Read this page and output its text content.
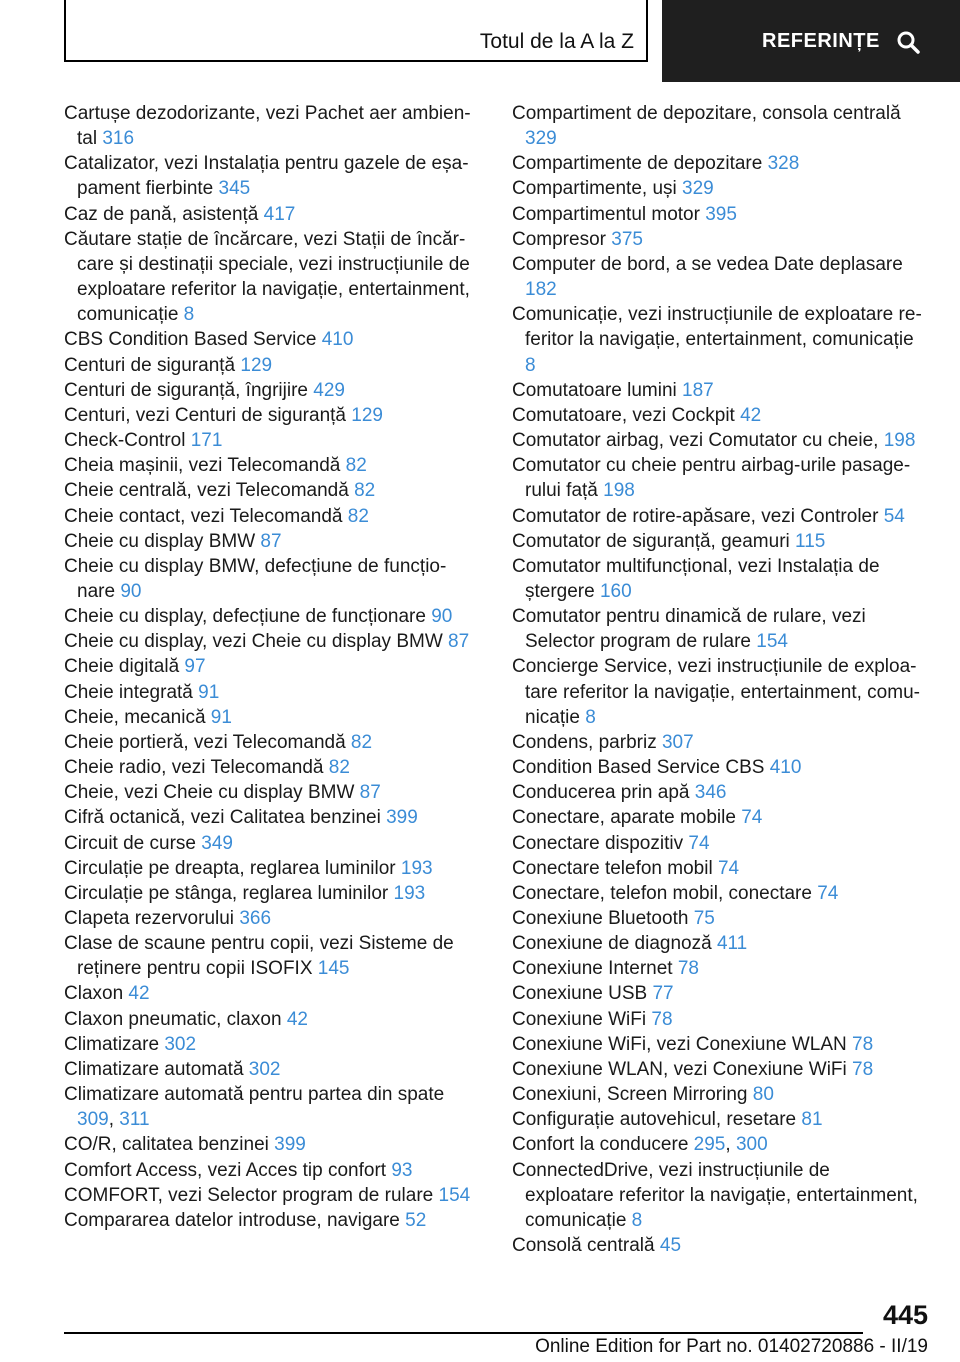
Totul de la A la Z	REFERINȚE
Cartușe dezodorizante, vezi Pachet aer ambiental 316
Catalizator, vezi Instalația pentru gazele de eșapament fierbinte 345
Caz de pană, asistență 417
Căutare stație de încărcare, vezi Stații de încărcare și destinații speciale, vezi instrucțiunile de exploatare referitor la navigație, entertainment, comunicație 8
CBS Condition Based Service 410
Centuri de siguranță 129
Centuri de siguranță, îngrijire 429
Centuri, vezi Centuri de siguranță 129
Check-Control 171
Cheia mașinii, vezi Telecomandă 82
Cheie centrală, vezi Telecomandă 82
Cheie contact, vezi Telecomandă 82
Cheie cu display BMW 87
Cheie cu display BMW, defecțiune de funcționare 90
Cheie cu display, defecțiune de funcționare 90
Cheie cu display, vezi Cheie cu display BMW 87
Cheie digitală 97
Cheie integrată 91
Cheie, mecanică 91
Cheie portieră, vezi Telecomandă 82
Cheie radio, vezi Telecomandă 82
Cheie, vezi Cheie cu display BMW 87
Cifră octanică, vezi Calitatea benzinei 399
Circuit de curse 349
Circulație pe dreapta, reglarea luminilor 193
Circulație pe stânga, reglarea luminilor 193
Clapeta rezervorului 366
Clase de scaune pentru copii, vezi Sisteme de reținere pentru copii ISOFIX 145
Claxon 42
Claxon pneumatic, claxon 42
Climatizare 302
Climatizare automată 302
Climatizare automată pentru partea din spate 309, 311
CO/R, calitatea benzinei 399
Comfort Access, vezi Acces tip confort 93
COMFORT, vezi Selector program de rulare 154
Compararea datelor introduse, navigare 52
Compartiment de depozitare, consola centrală 329
Compartimente de depozitare 328
Compartimente, uși 329
Compartimentul motor 395
Compresor 375
Computer de bord, a se vedea Date deplasare 182
Comunicație, vezi instrucțiunile de exploatare referitor la navigație, entertainment, comunicație 8
Comutatoare lumini 187
Comutatoare, vezi Cockpit 42
Comutator airbag, vezi Comutator cu cheie, 198
Comutator cu cheie pentru airbag-urile pasagerului față 198
Comutator de rotire-apăsare, vezi Controler 54
Comutator de siguranță, geamuri 115
Comutator multifuncțional, vezi Instalația de ștergere 160
Comutator pentru dinamică de rulare, vezi Selector program de rulare 154
Concierge Service, vezi instrucțiunile de exploatare referitor la navigație, entertainment, comunicație 8
Condens, parbriz 307
Condition Based Service CBS 410
Conducerea prin apă 346
Conectare, aparate mobile 74
Conectare dispozitiv 74
Conectare telefon mobil 74
Conectare, telefon mobil, conectare 74
Conexiune Bluetooth 75
Conexiune de diagnoză 411
Conexiune Internet 78
Conexiune USB 77
Conexiune WiFi 78
Conexiune WiFi, vezi Conexiune WLAN 78
Conexiune WLAN, vezi Conexiune WiFi 78
Conexiuni, Screen Mirroring 80
Configurație autovehicul, resetare 81
Confort la conducere 295, 300
ConnectedDrive, vezi instrucțiunile de exploatare referitor la navigație, entertainment, comunicație 8
Consolă centrală 45
445
Online Edition for Part no. 01402720886 - II/19
